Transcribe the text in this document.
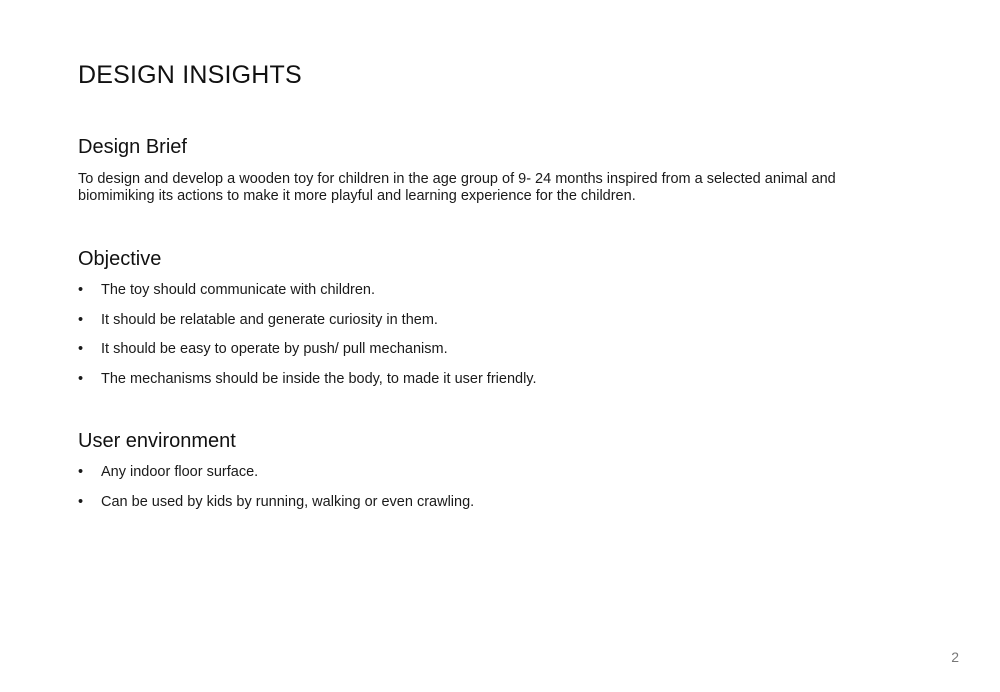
DESIGN INSIGHTS
Design Brief

To design and develop a wooden toy for children in the age group of 9- 24 months inspired from a selected animal and biomimiking its actions to make it more playful and learning experience for the children.

Objective
• The toy should communicate with children.
• It should be relatable and generate curiosity in them.
• It should be easy to operate by push/ pull mechanism.
• The mechanisms should be inside the body, to made it user friendly.
User environment
• Any indoor floor surface.
• Can be used by kids by running, walking or even crawling.
2
